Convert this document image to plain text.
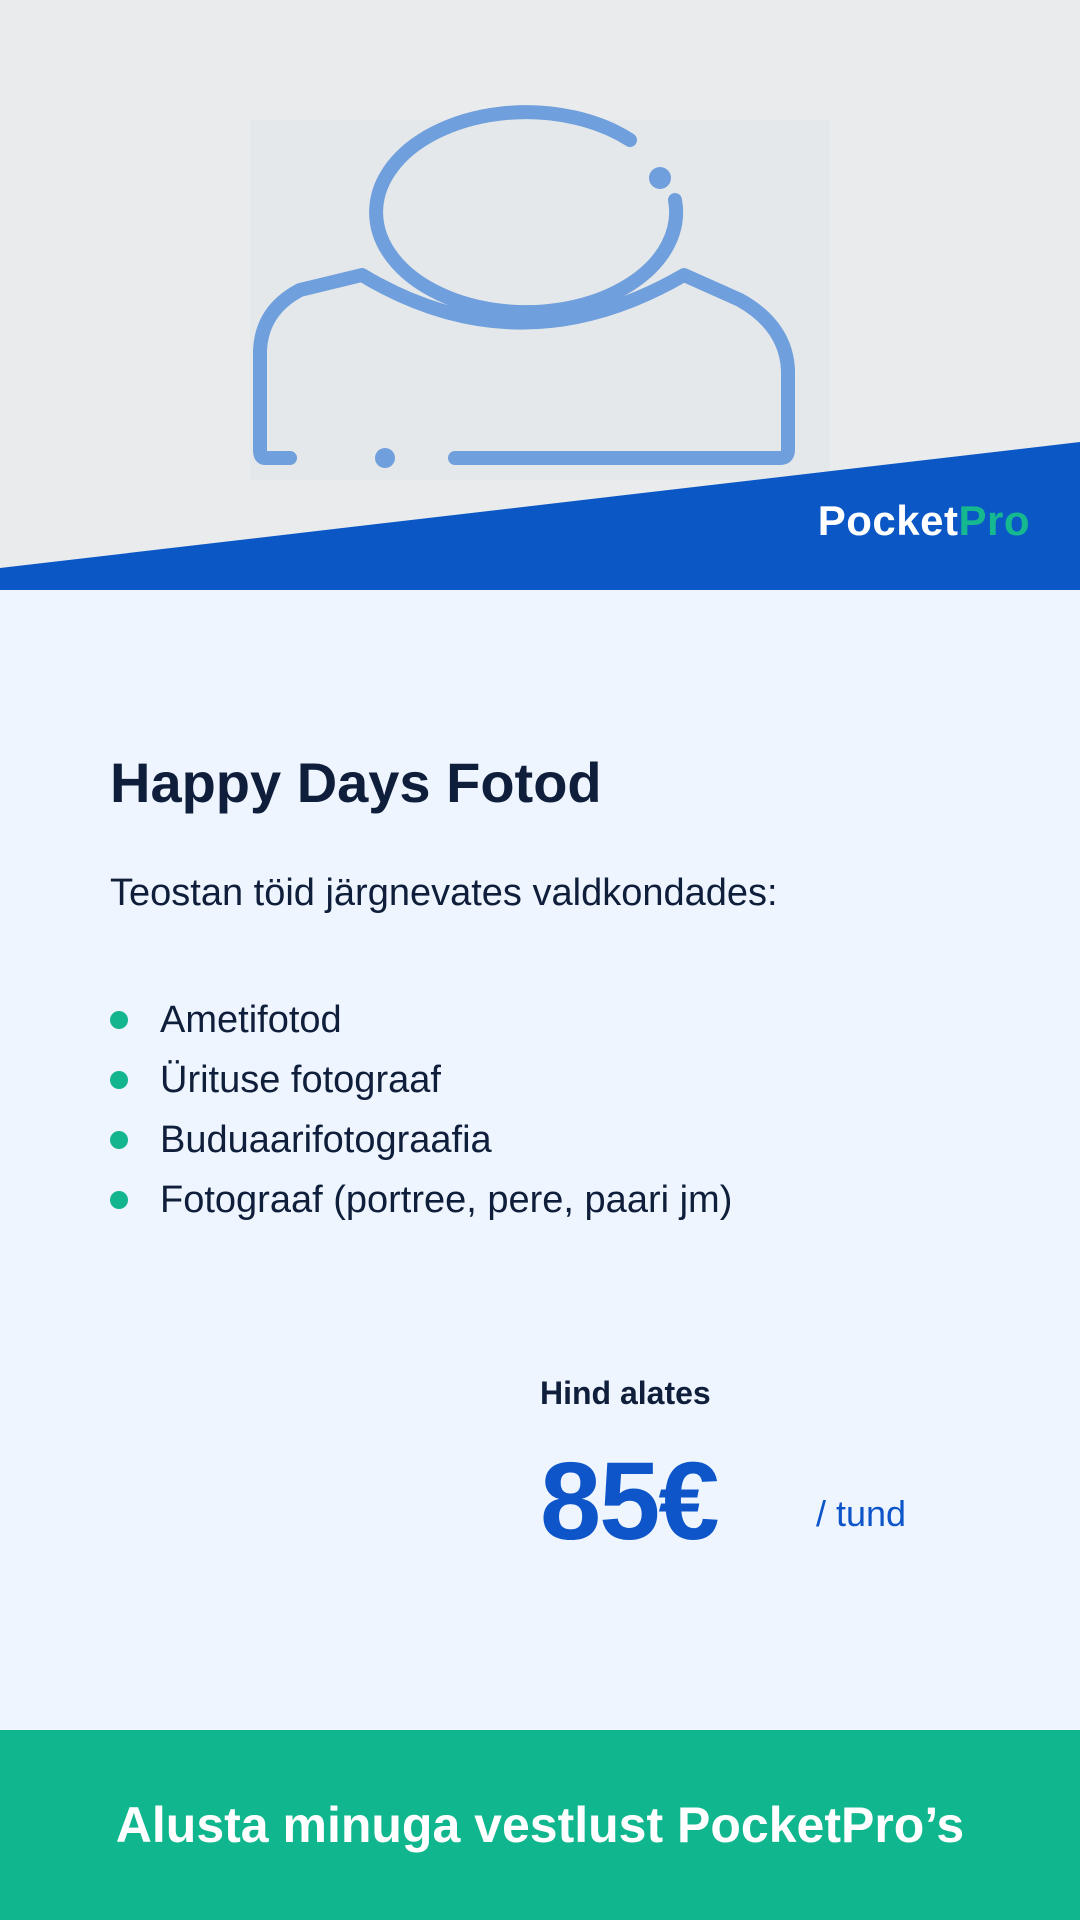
PocketPro
Happy Days Fotod
Teostan töid järgnevates valdkondades:
Ametifotod
Ürituse fotograaf
Buduaarifotograafia
Fotograaf (portree, pere, paari jm)
Hind alates
85€	/ tund
Alusta minuga vestlust PocketPro’s
